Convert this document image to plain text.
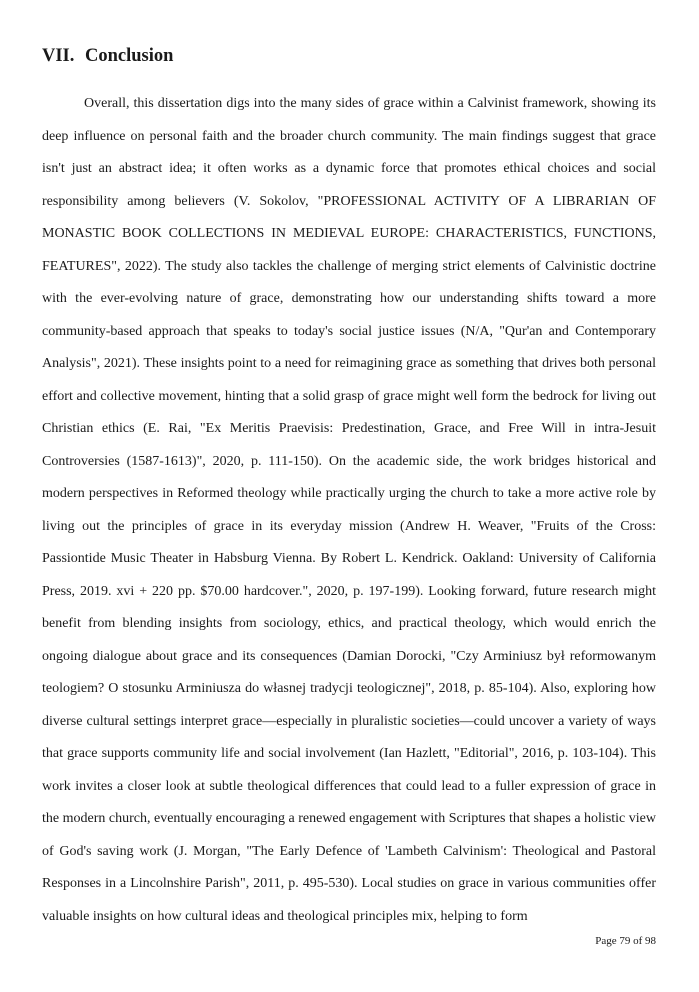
VII. Conclusion

Overall, this dissertation digs into the many sides of grace within a Calvinist framework, showing its deep influence on personal faith and the broader church community. The main findings suggest that grace isn't just an abstract idea; it often works as a dynamic force that promotes ethical choices and social responsibility among believers (V. Sokolov, "PROFESSIONAL ACTIVITY OF A LIBRARIAN OF MONASTIC BOOK COLLECTIONS IN MEDIEVAL EUROPE: CHARACTERISTICS, FUNCTIONS, FEATURES", 2022). The study also tackles the challenge of merging strict elements of Calvinistic doctrine with the ever-evolving nature of grace, demonstrating how our understanding shifts toward a more community-based approach that speaks to today's social justice issues (N/A, "Qur'an and Contemporary Analysis", 2021). These insights point to a need for reimagining grace as something that drives both personal effort and collective movement, hinting that a solid grasp of grace might well form the bedrock for living out Christian ethics (E. Rai, "Ex Meritis Praevisis: Predestination, Grace, and Free Will in intra-Jesuit Controversies (1587-1613)", 2020, p. 111-150). On the academic side, the work bridges historical and modern perspectives in Reformed theology while practically urging the church to take a more active role by living out the principles of grace in its everyday mission (Andrew H. Weaver, "Fruits of the Cross: Passiontide Music Theater in Habsburg Vienna. By Robert L. Kendrick. Oakland: University of California Press, 2019. xvi + 220 pp. $70.00 hardcover.", 2020, p. 197-199). Looking forward, future research might benefit from blending insights from sociology, ethics, and practical theology, which would enrich the ongoing dialogue about grace and its consequences (Damian Dorocki, "Czy Arminiusz był reformowanym teologiem? O stosunku Arminiusza do własnej tradycji teologicznej", 2018, p. 85-104). Also, exploring how diverse cultural settings interpret grace—especially in pluralistic societies—could uncover a variety of ways that grace supports community life and social involvement (Ian Hazlett, "Editorial", 2016, p. 103-104). This work invites a closer look at subtle theological differences that could lead to a fuller expression of grace in the modern church, eventually encouraging a renewed engagement with Scriptures that shapes a holistic view of God's saving work (J. Morgan, "The Early Defence of 'Lambeth Calvinism': Theological and Pastoral Responses in a Lincolnshire Parish", 2011, p. 495-530). Local studies on grace in various communities offer valuable insights on how cultural ideas and theological principles mix, helping to form

Page 79 of 98
